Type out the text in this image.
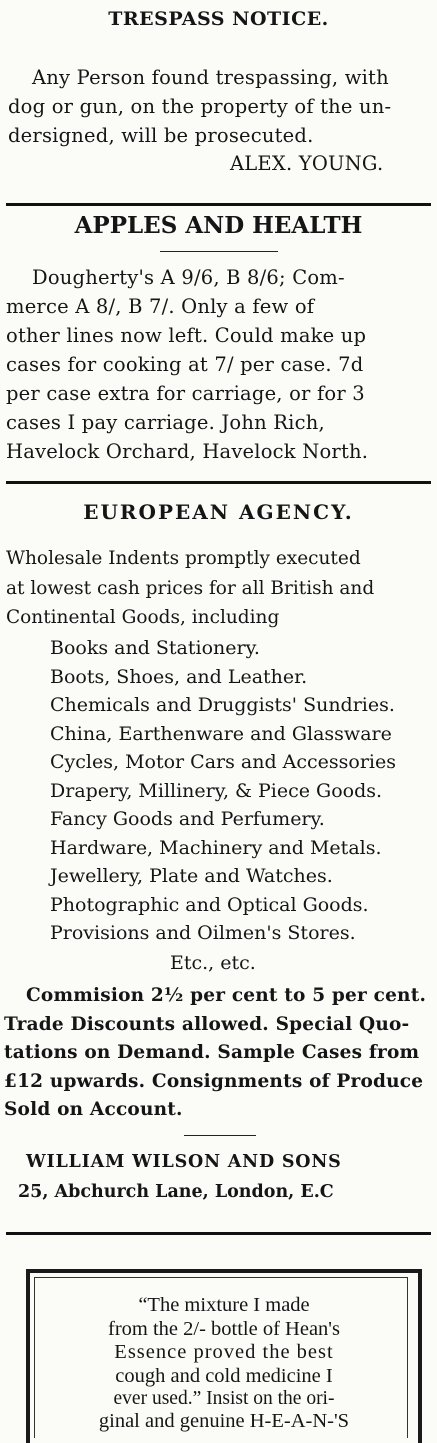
TRESPASS NOTICE.
Any Person found trespassing, with
dog or gun, on the property of the un-
dersigned, will be prosecuted.
ALEX. YOUNG.
APPLES AND HEALTH
Dougherty's A 9/6, B 8/6; Com-
merce A 8/, B 7/. Only a few of
other lines now left. Could make up
cases for cooking at 7/ per case. 7d
per case extra for carriage, or for 3
cases I pay carriage. John Rich,
Havelock Orchard, Havelock North.
EUROPEAN AGENCY.
Wholesale Indents promptly executed
at lowest cash prices for all British and
Continental Goods, including
Books and Stationery.
Boots, Shoes, and Leather.
Chemicals and Druggists' Sundries.
China, Earthenware and Glassware
Cycles, Motor Cars and Accessories
Drapery, Millinery, & Piece Goods.
Fancy Goods and Perfumery.
Hardware, Machinery and Metals.
Jewellery, Plate and Watches.
Photographic and Optical Goods.
Provisions and Oilmen's Stores.
Etc., etc.
Commision 2½ per cent to 5 per cent.
Trade Discounts allowed. Special Quo-
tations on Demand. Sample Cases from
£12 upwards. Consignments of Produce
Sold on Account.
WILLIAM WILSON AND SONS
25, Abchurch Lane, London, E.C
“The mixture I made
from the 2/- bottle of Hean's
Essence proved the best
cough and cold medicine I
ever used.” Insist on the ori-
ginal and genuine H-E-A-N-'S
